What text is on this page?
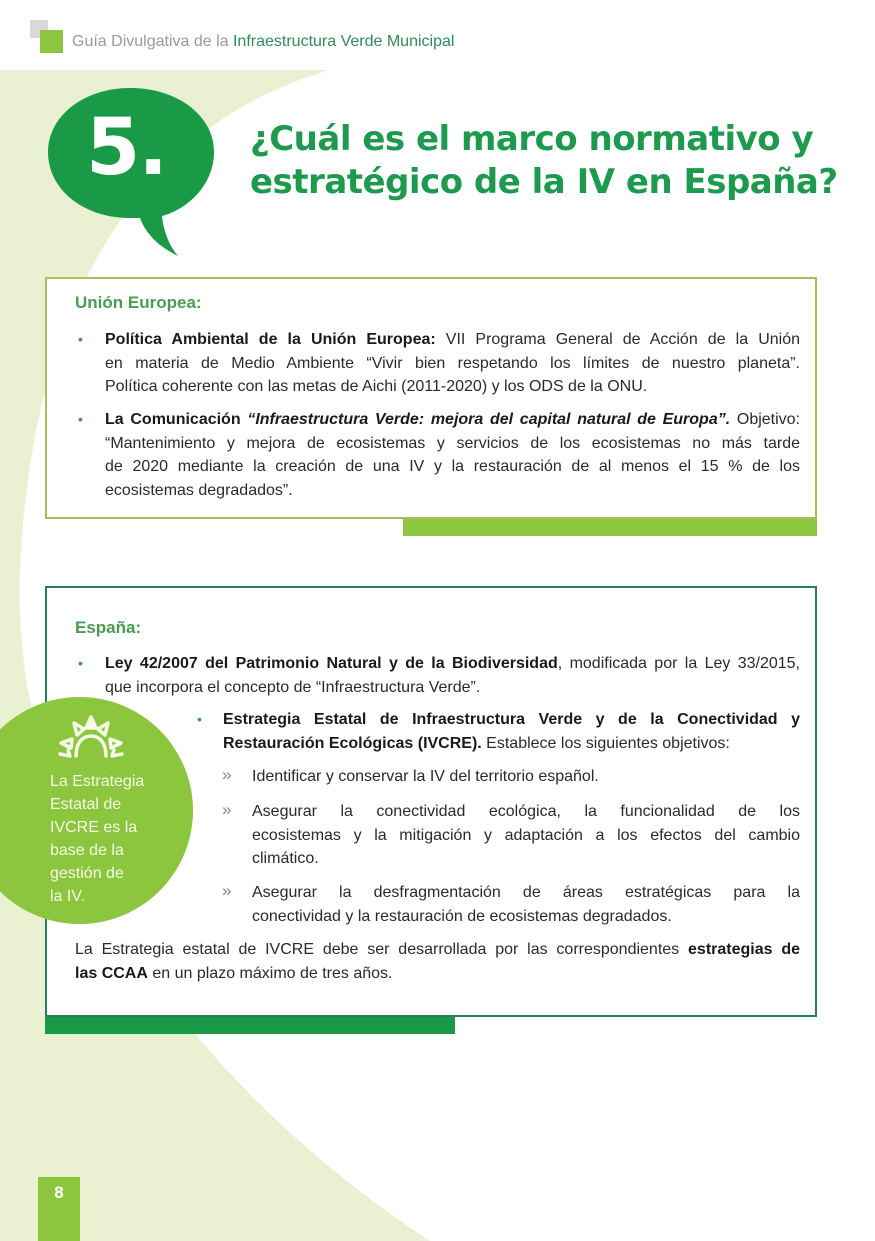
Guía Divulgativa de la Infraestructura Verde Municipal
5.	¿Cuál es el marco normativo y
estratégico de la IV en España?
Unión Europea:
• Política Ambiental de la Unión Europea: VII Programa General de Acción de la Unión
en materia de Medio Ambiente “Vivir bien respetando los límites de nuestro planeta”.
Política coherente con las metas de Aichi (2011-2020) y los ODS de la ONU.
• La Comunicación “Infraestructura Verde: mejora del capital natural de Europa”. Objetivo:
“Mantenimiento y mejora de ecosistemas y servicios de los ecosistemas no más tarde
de 2020 mediante la creación de una IV y la restauración de al menos el 15 % de los
ecosistemas degradados”.
España:
• Ley 42/2007 del Patrimonio Natural y de la Biodiversidad, modificada por la Ley 33/2015,
que incorpora el concepto de “Infraestructura Verde”.
• Estrategia Estatal de Infraestructura Verde y de la Conectividad y
Restauración Ecológicas (IVCRE). Establece los siguientes objetivos:
» Identificar y conservar la IV del territorio español.
» Asegurar la conectividad ecológica, la funcionalidad de los
ecosistemas y la mitigación y adaptación a los efectos del cambio
climático.
» Asegurar la desfragmentación de áreas estratégicas para la
conectividad y la restauración de ecosistemas degradados.
La Estrategia estatal de IVCRE debe ser desarrollada por las correspondientes estrategias de
las CCAA en un plazo máximo de tres años.
La Estrategia
Estatal de
IVCRE es la
base de la
gestión de
la IV.
8
